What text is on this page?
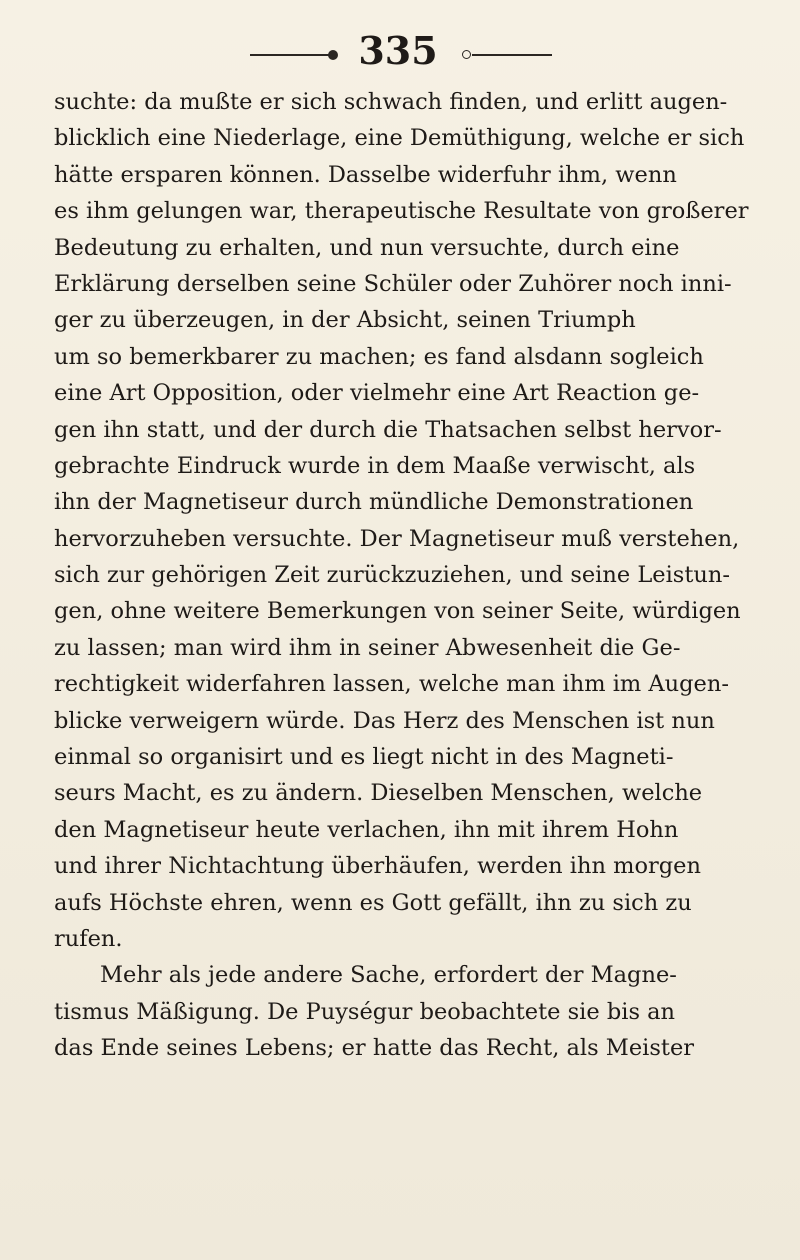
335
suchte: da mußte er sich schwach finden, und erlitt augen-
blicklich eine Niederlage, eine Demüthigung, welche er sich
hätte ersparen können. Dasselbe widerfuhr ihm, wenn
es ihm gelungen war, therapeutische Resultate von großerer
Bedeutung zu erhalten, und nun versuchte, durch eine
Erklärung derselben seine Schüler oder Zuhörer noch inni-
ger zu überzeugen, in der Absicht, seinen Triumph
um so bemerkbarer zu machen; es fand alsdann sogleich
eine Art Opposition, oder vielmehr eine Art Reaction ge-
gen ihn statt, und der durch die Thatsachen selbst hervor-
gebrachte Eindruck wurde in dem Maaße verwischt, als
ihn der Magnetiseur durch mündliche Demonstrationen
hervorzuheben versuchte. Der Magnetiseur muß verstehen,
sich zur gehörigen Zeit zurückzuziehen, und seine Leistun-
gen, ohne weitere Bemerkungen von seiner Seite, würdigen
zu lassen; man wird ihm in seiner Abwesenheit die Ge-
rechtigkeit widerfahren lassen, welche man ihm im Augen-
blicke verweigern würde. Das Herz des Menschen ist nun
einmal so organisirt und es liegt nicht in des Magneti-
seurs Macht, es zu ändern. Dieselben Menschen, welche
den Magnetiseur heute verlachen, ihn mit ihrem Hohn
und ihrer Nichtachtung überhäufen, werden ihn morgen
aufs Höchste ehren, wenn es Gott gefällt, ihn zu sich zu
rufen.
Mehr als jede andere Sache, erfordert der Magne-
tismus Mäßigung. De Puységur beobachtete sie bis an
das Ende seines Lebens; er hatte das Recht, als Meister
